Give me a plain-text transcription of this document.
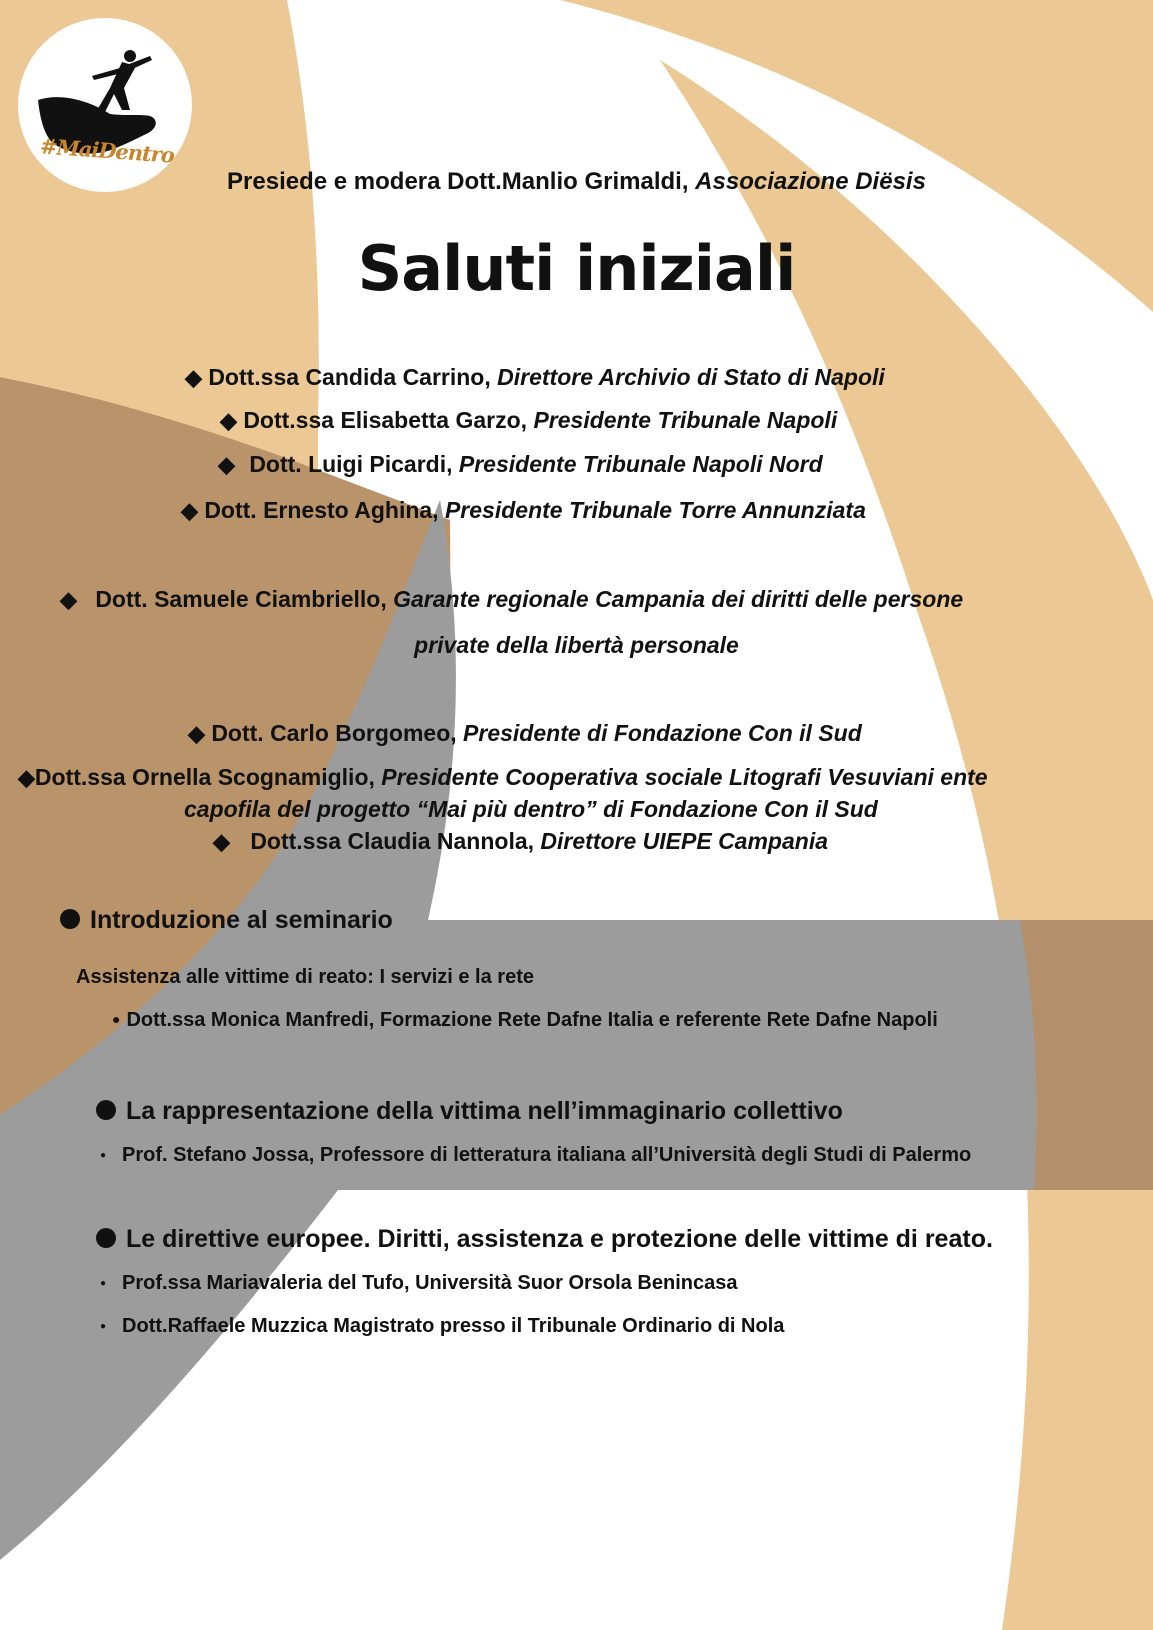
#MaiDentro
Presiede e modera Dott.Manlio Grimaldi, Associazione Diësis
Saluti iniziali
◆ Dott.ssa Candida Carrino, Direttore Archivio di Stato di Napoli
◆ Dott.ssa Elisabetta Garzo, Presidente Tribunale Napoli
◆ Dott. Luigi Picardi, Presidente Tribunale Napoli Nord
◆ Dott. Ernesto Aghina, Presidente Tribunale Torre Annunziata
◆ Dott. Samuele Ciambriello, Garante regionale Campania dei diritti delle persone
private della libertà personale
◆ Dott. Carlo Borgomeo, Presidente di Fondazione Con il Sud
◆Dott.ssa Ornella Scognamiglio, Presidente Cooperativa sociale Litografi Vesuviani ente
capofila del progetto “Mai più dentro” di Fondazione Con il Sud
◆ Dott.ssa Claudia Nannola, Direttore UIEPE Campania
Introduzione al seminario
Assistenza alle vittime di reato: I servizi e la rete
● Dott.ssa Monica Manfredi, Formazione Rete Dafne Italia e referente Rete Dafne Napoli
La rappresentazione della vittima nell’immaginario collettivo
● Prof. Stefano Jossa, Professore di letteratura italiana all’Università degli Studi di Palermo
Le direttive europee. Diritti, assistenza e protezione delle vittime di reato.
● Prof.ssa Mariavaleria del Tufo, Università Suor Orsola Benincasa
● Dott.Raffaele Muzzica Magistrato presso il Tribunale Ordinario di Nola
